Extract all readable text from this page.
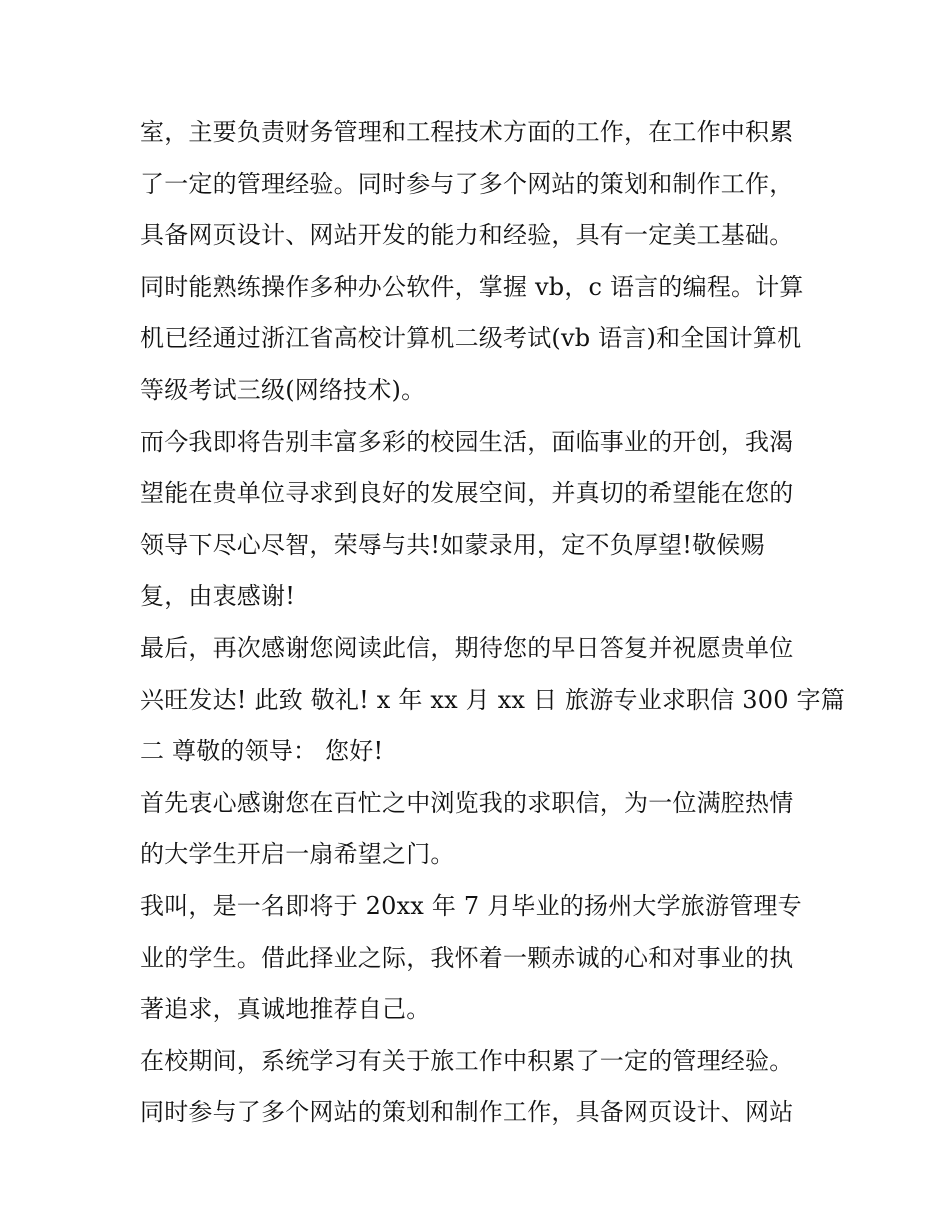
室，主要负责财务管理和工程技术方面的工作，在工作中积累
了一定的管理经验。同时参与了多个网站的策划和制作工作，
具备网页设计、网站开发的能力和经验，具有一定美工基础。
同时能熟练操作多种办公软件，掌握 vb，c 语言的编程。计算
机已经通过浙江省高校计算机二级考试(vb 语言)和全国计算机
等级考试三级(网络技术)。
而今我即将告别丰富多彩的校园生活，面临事业的开创，我渴
望能在贵单位寻求到良好的发展空间，并真切的希望能在您的
领导下尽心尽智，荣辱与共!如蒙录用，定不负厚望!敬候赐
复，由衷感谢!
最后，再次感谢您阅读此信，期待您的早日答复并祝愿贵单位
兴旺发达! 此致 敬礼! x 年 xx 月 xx 日 旅游专业求职信 300 字篇
二 尊敬的领导： 您好!
首先衷心感谢您在百忙之中浏览我的求职信，为一位满腔热情
的大学生开启一扇希望之门。
我叫，是一名即将于 20xx 年 7 月毕业的扬州大学旅游管理专
业的学生。借此择业之际，我怀着一颗赤诚的心和对事业的执
著追求，真诚地推荐自己。
在校期间，系统学习有关于旅工作中积累了一定的管理经验。
同时参与了多个网站的策划和制作工作，具备网页设计、网站
